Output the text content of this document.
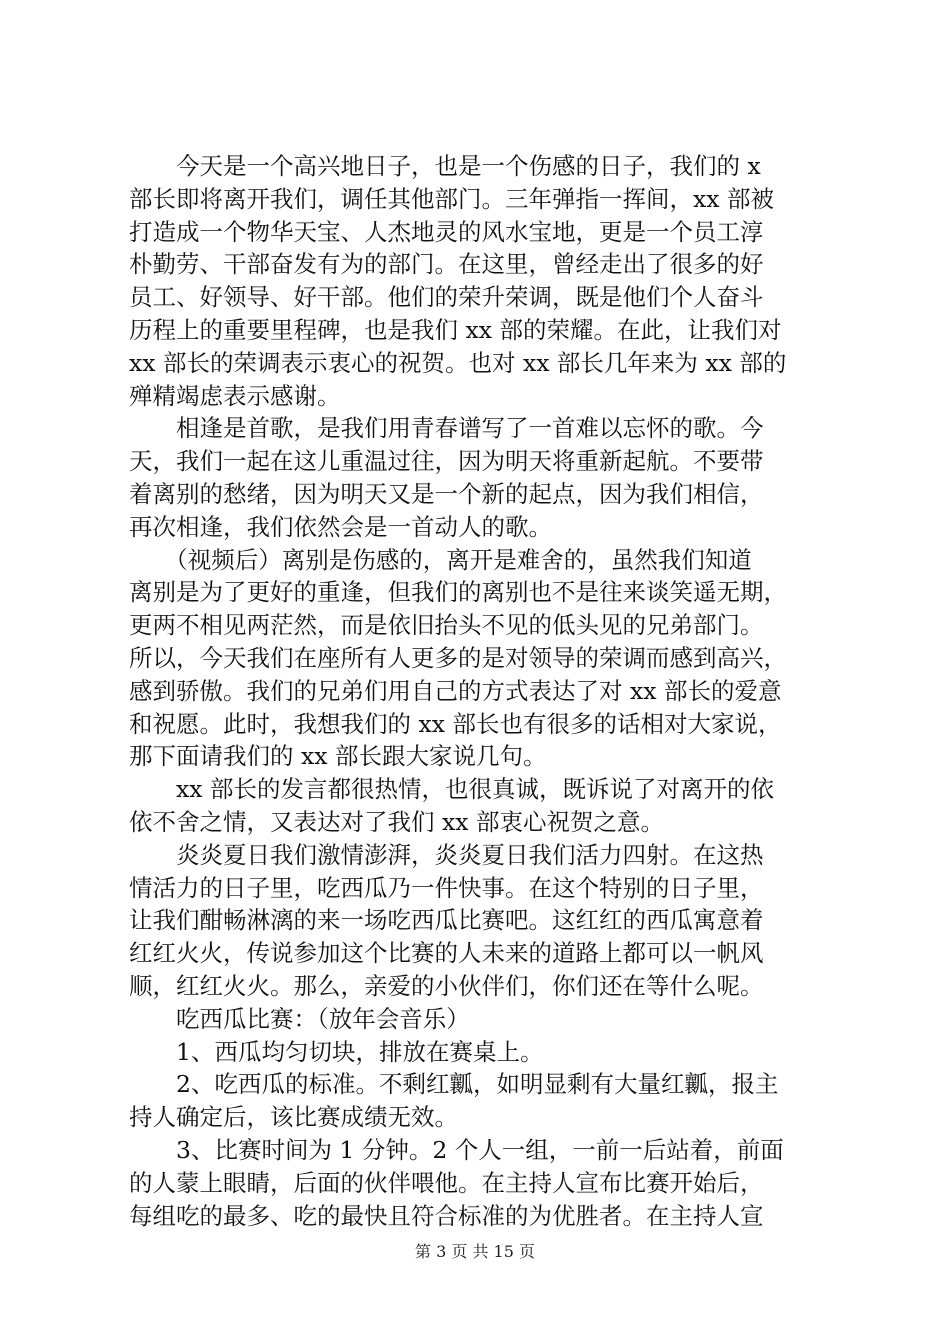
　　今天是一个高兴地日子，也是一个伤感的日子，我们的 x
部长即将离开我们，调任其他部门。三年弹指一挥间，xx 部被
打造成一个物华天宝、人杰地灵的风水宝地，更是一个员工淳
朴勤劳、干部奋发有为的部门。在这里，曾经走出了很多的好
员工、好领导、好干部。他们的荣升荣调，既是他们个人奋斗
历程上的重要里程碑，也是我们 xx 部的荣耀。在此，让我们对
xx 部长的荣调表示衷心的祝贺。也对 xx 部长几年来为 xx 部的
殚精竭虑表示感谢。
　　相逢是首歌，是我们用青春谱写了一首难以忘怀的歌。今
天，我们一起在这儿重温过往，因为明天将重新起航。不要带
着离别的愁绪，因为明天又是一个新的起点，因为我们相信，
再次相逢，我们依然会是一首动人的歌。
　　（视频后）离别是伤感的，离开是难舍的，虽然我们知道
离别是为了更好的重逢，但我们的离别也不是往来谈笑遥无期，
更两不相见两茫然，而是依旧抬头不见的低头见的兄弟部门。
所以，今天我们在座所有人更多的是对领导的荣调而感到高兴，
感到骄傲。我们的兄弟们用自己的方式表达了对 xx 部长的爱意
和祝愿。此时，我想我们的 xx 部长也有很多的话相对大家说，
那下面请我们的 xx 部长跟大家说几句。
　　xx 部长的发言都很热情，也很真诚，既诉说了对离开的依
依不舍之情，又表达对了我们 xx 部衷心祝贺之意。
　　炎炎夏日我们激情澎湃，炎炎夏日我们活力四射。在这热
情活力的日子里，吃西瓜乃一件快事。在这个特别的日子里，
让我们酣畅淋漓的来一场吃西瓜比赛吧。这红红的西瓜寓意着
红红火火，传说参加这个比赛的人未来的道路上都可以一帆风
顺，红红火火。那么，亲爱的小伙伴们，你们还在等什么呢。
　　吃西瓜比赛：（放年会音乐）
　　1、西瓜均匀切块，排放在赛桌上。
　　2、吃西瓜的标准。不剩红瓤，如明显剩有大量红瓤，报主
持人确定后，该比赛成绩无效。
　　3、比赛时间为 1 分钟。2 个人一组，一前一后站着，前面
的人蒙上眼睛，后面的伙伴喂他。在主持人宣布比赛开始后，
每组吃的最多、吃的最快且符合标准的为优胜者。在主持人宣
第 3 页 共 15 页
